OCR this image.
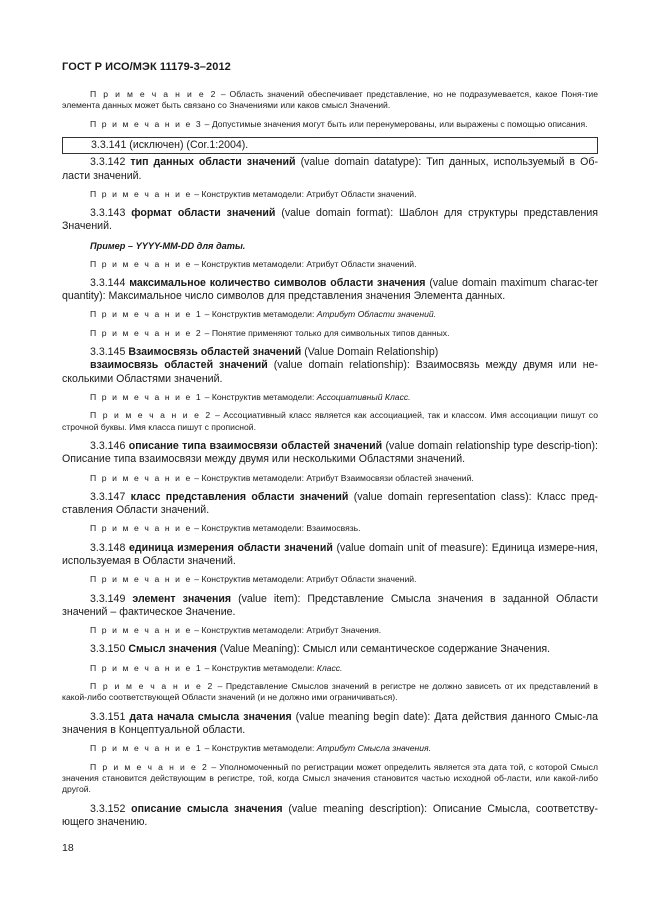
ГОСТ Р ИСО/МЭК 11179-3–2012

П р и м е ч а н и е 2 – Область значений обеспечивает представление, но не подразумевается, какое Поня-тие элемента данных может быть связано со Значениями или каков смысл Значений.

П р и м е ч а н и е 3 – Допустимые значения могут быть или перенумерованы, или выражены с помощью описания.

3.3.141 (исключен) (Cor.1:2004).

3.3.142 тип данных области значений (value domain datatype): Тип данных, используемый в Об-ласти значений.

П р и м е ч а н и е – Конструктив метамодели: Атрибут Области значений.

3.3.143 формат области значений (value domain format): Шаблон для структуры представления Значений.

Пример – YYYY-MM-DD для даты.

П р и м е ч а н и е – Конструктив метамодели: Атрибут Области значений.

3.3.144 максимальное количество символов области значения (value domain maximum charac-ter quantity): Максимальное число символов для представления значения Элемента данных.

П р и м е ч а н и е 1 – Конструктив метамодели: Атрибут Области значений.

П р и м е ч а н и е 2 – Понятие применяют только для символьных типов данных.

3.3.145 Взаимосвязь областей значений (Value Domain Relationship)

взаимосвязь областей значений (value domain relationship): Взаимосвязь между двумя или не-сколькими Областями значений.

П р и м е ч а н и е 1 – Конструктив метамодели: Ассоциативный Класс.

П р и м е ч а н и е 2 – Ассоциативный класс является как ассоциацией, так и классом. Имя ассоциации пишут со строчной буквы. Имя класса пишут с прописной.

3.3.146 описание типа взаимосвязи областей значений (value domain relationship type descrip-tion): Описание типа взаимосвязи между двумя или несколькими Областями значений.

П р и м е ч а н и е – Конструктив метамодели: Атрибут Взаимосвязи областей значений.

3.3.147 класс представления области значений (value domain representation class): Класс пред-ставления Области значений.

П р и м е ч а н и е – Конструктив метамодели: Взаимосвязь.

3.3.148 единица измерения области значений (value domain unit of measure): Единица измере-ния, используемая в Области значений.

П р и м е ч а н и е – Конструктив метамодели: Атрибут Области значений.

3.3.149 элемент значения (value item): Представление Смысла значения в заданной Области значений – фактическое Значение.

П р и м е ч а н и е – Конструктив метамодели: Атрибут Значения.

3.3.150 Смысл значения (Value Meaning): Смысл или семантическое содержание Значения.

П р и м е ч а н и е 1 – Конструктив метамодели: Класс.

П р и м е ч а н и е 2 – Представление Смыслов значений в регистре не должно зависеть от их представлений в какой-либо соответствующей Области значений (и не должно ими ограничиваться).

3.3.151 дата начала смысла значения (value meaning begin date): Дата действия данного Смыс-ла значения в Концептуальной области.

П р и м е ч а н и е 1 – Конструктив метамодели: Атрибут Смысла значения.

П р и м е ч а н и е 2 – Уполномоченный по регистрации может определить является эта дата той, с которой Смысл значения становится действующим в регистре, той, когда Смысл значения становится частью исходной об-ласти, или какой-либо другой.

3.3.152 описание смысла значения (value meaning description): Описание Смысла, соответству-ющего значению.

18
